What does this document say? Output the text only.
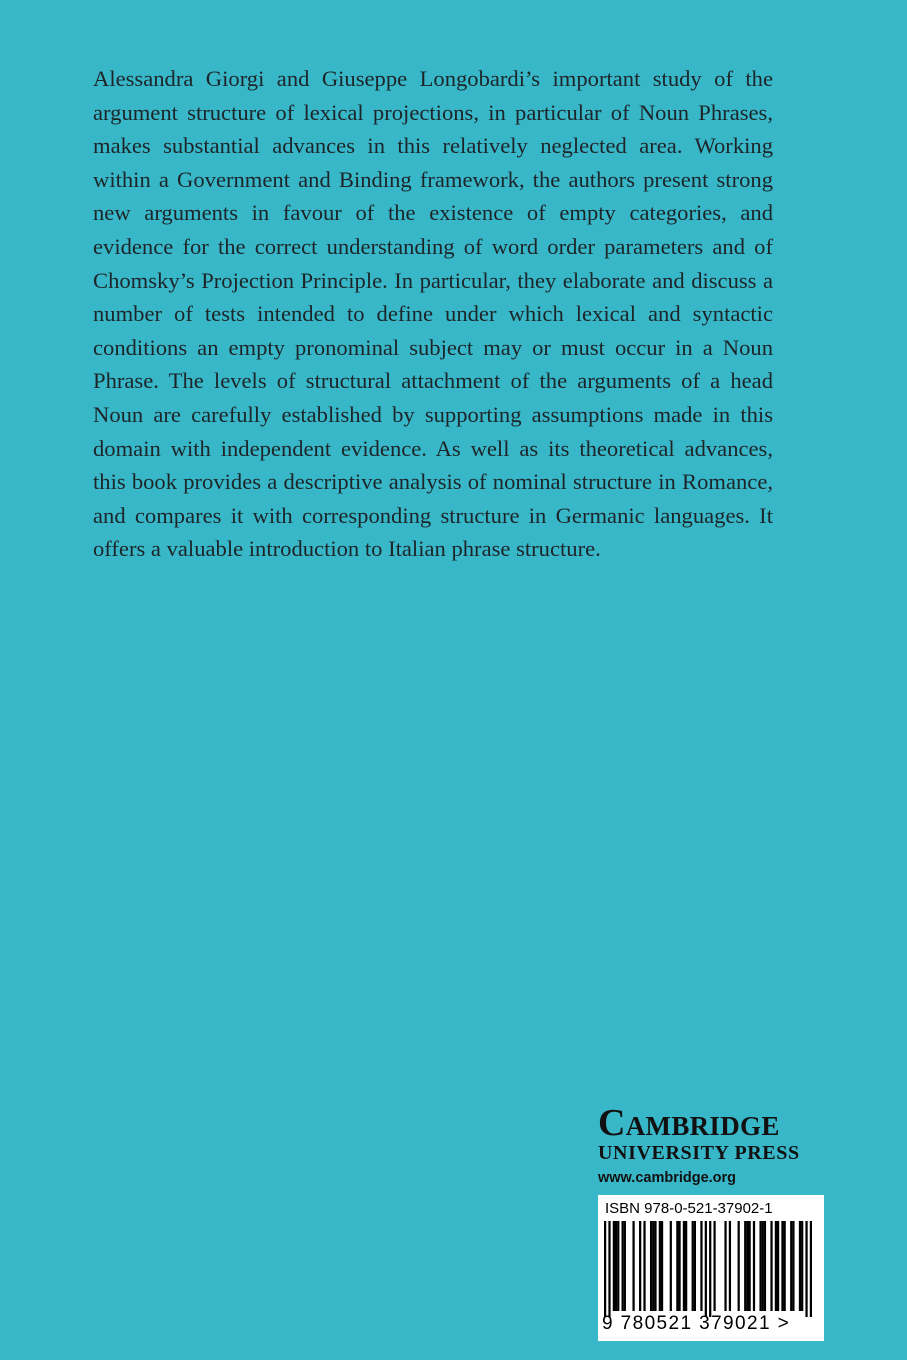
Alessandra Giorgi and Giuseppe Longobardi’s important study of the argument structure of lexical projections, in particular of Noun Phrases, makes substantial advances in this relatively neglected area. Working within a Government and Binding framework, the authors present strong new arguments in favour of the existence of empty categories, and evidence for the correct understanding of word order parameters and of Chomsky’s Projection Principle. In particular, they elaborate and discuss a number of tests intended to define under which lexical and syntactic conditions an empty pronominal subject may or must occur in a Noun Phrase. The levels of structural attachment of the arguments of a head Noun are carefully established by supporting assumptions made in this domain with independent evidence. As well as its theoretical advances, this book provides a descriptive analysis of nominal structure in Romance, and compares it with corresponding structure in Germanic languages. It offers a valuable introduction to Italian phrase structure.

Cambridge
UNIVERSITY PRESS
www.cambridge.org
ISBN 978-0-521-37902-1
9 780521 379021 >
